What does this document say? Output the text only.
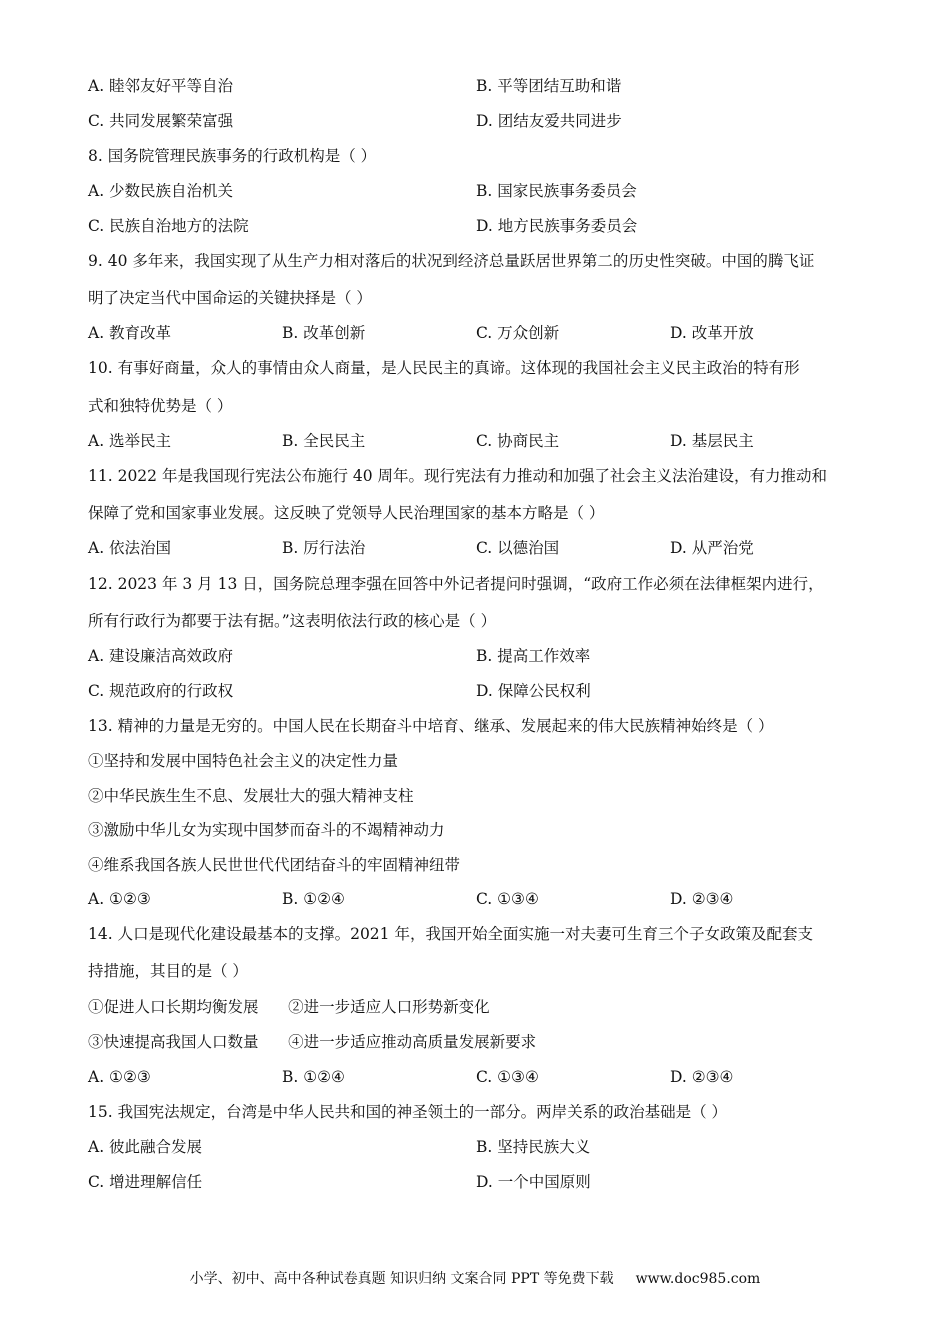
A. 睦邻友好平等自治	B. 平等团结互助和谐
C. 共同发展繁荣富强	D. 团结友爱共同进步
8. 国务院管理民族事务的行政机构是（ ）
A. 少数民族自治机关	B. 国家民族事务委员会
C. 民族自治地方的法院	D. 地方民族事务委员会
9. 40 多年来，我国实现了从生产力相对落后的状况到经济总量跃居世界第二的历史性突破。中国的腾飞证
明了决定当代中国命运的关键抉择是（ ）
A. 教育改革	B. 改革创新	C. 万众创新	D. 改革开放
10. 有事好商量，众人的事情由众人商量，是人民民主的真谛。这体现的我国社会主义民主政治的特有形
式和独特优势是（ ）
A. 选举民主	B. 全民民主	C. 协商民主	D. 基层民主
11. 2022 年是我国现行宪法公布施行 40 周年。现行宪法有力推动和加强了社会主义法治建设，有力推动和
保障了党和国家事业发展。这反映了党领导人民治理国家的基本方略是（ ）
A. 依法治国	B. 厉行法治	C. 以德治国	D. 从严治党
12. 2023 年 3 月 13 日，国务院总理李强在回答中外记者提问时强调，“政府工作必须在法律框架内进行，
所有行政行为都要于法有据。”这表明依法行政的核心是（ ）
A. 建设廉洁高效政府	B. 提高工作效率
C. 规范政府的行政权	D. 保障公民权利
13. 精神的力量是无穷的。中国人民在长期奋斗中培育、继承、发展起来的伟大民族精神始终是（ ）
①坚持和发展中国特色社会主义的决定性力量
②中华民族生生不息、发展壮大的强大精神支柱
③激励中华儿女为实现中国梦而奋斗的不竭精神动力
④维系我国各族人民世世代代团结奋斗的牢固精神纽带
A. ①②③	B. ①②④	C. ①③④	D. ②③④
14. 人口是现代化建设最基本的支撑。2021 年，我国开始全面实施一对夫妻可生育三个子女政策及配套支
持措施，其目的是（ ）
①促进人口长期均衡发展      ②进一步适应人口形势新变化
③快速提高我国人口数量      ④进一步适应推动高质量发展新要求
A. ①②③	B. ①②④	C. ①③④	D. ②③④
15. 我国宪法规定，台湾是中华人民共和国的神圣领土的一部分。两岸关系的政治基础是（ ）
A. 彼此融合发展	B. 坚持民族大义
C. 增进理解信任	D. 一个中国原则
小学、初中、高中各种试卷真题 知识归纳 文案合同 PPT 等免费下载 www.doc985.com
